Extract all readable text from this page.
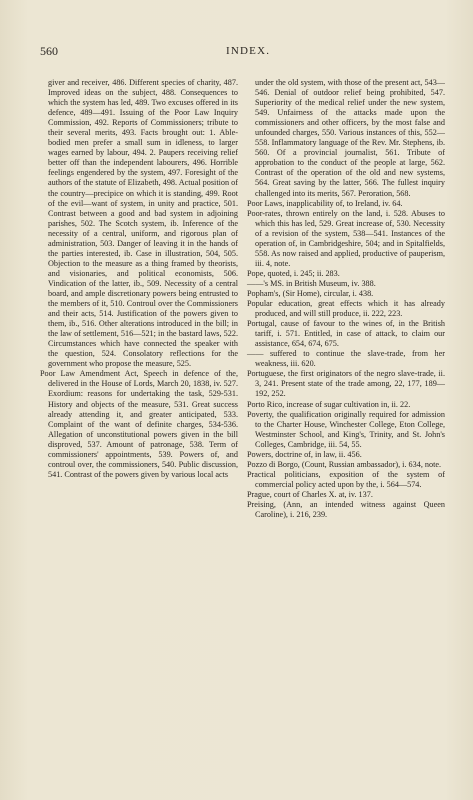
560	INDEX.

giver and receiver, 486. Different species of charity, 487. Improved ideas on the subject, 488. Consequences to which the system has led, 489. Two excuses offered in its defence, 489—491. Issuing of the Poor Law Inquiry Commission, 492. Reports of Commissioners; tribute to their several merits, 493. Facts brought out: 1. Able-bodied men prefer a small sum in idleness, to larger wages earned by labour, 494. 2. Paupers receiving relief better off than the independent labourers, 496. Horrible feelings engendered by the system, 497. Foresight of the authors of the statute of Elizabeth, 498. Actual position of the country—precipice on which it is standing, 499. Root of the evil—want of system, in unity and practice, 501. Contrast between a good and bad system in adjoining parishes, 502. The Scotch system, ib. Inference of the necessity of a central, uniform, and rigorous plan of administration, 503. Danger of leaving it in the hands of the parties interested, ib. Case in illustration, 504, 505. Objection to the measure as a thing framed by theorists, and visionaries, and political economists, 506. Vindication of the latter, ib., 509. Necessity of a central board, and ample discretionary powers being entrusted to the members of it, 510. Controul over the Commissioners and their acts, 514. Justification of the powers given to them, ib., 516. Other alterations introduced in the bill; in the law of settlement, 516—521; in the bastard laws, 522. Circumstances which have connected the speaker with the question, 524. Consolatory reflections for the government who propose the measure, 525.

Poor Law Amendment Act, Speech in defence of the, delivered in the House of Lords, March 20, 1838, iv. 527. Exordium: reasons for undertaking the task, 529-531. History and objects of the measure, 531. Great success already attending it, and greater anticipated, 533. Complaint of the want of definite charges, 534-536. Allegation of unconstitutional powers given in the bill disproved, 537. Amount of patronage, 538. Term of commissioners' appointments, 539. Powers of, and controul over, the commissioners, 540. Public discussion, 541. Contrast of the powers given by various local acts

under the old system, with those of the present act, 543—546. Denial of outdoor relief being prohibited, 547. Superiority of the medical relief under the new system, 549. Unfairness of the attacks made upon the commissioners and other officers, by the most false and unfounded charges, 550. Various instances of this, 552—558. Inflammatory language of the Rev. Mr. Stephens, ib. 560. Of a provincial journalist, 561. Tribute of approbation to the conduct of the people at large, 562. Contrast of the operation of the old and new systems, 564. Great saving by the latter, 566. The fullest inquiry challenged into its merits, 567. Peroration, 568.

Poor Laws, inapplicability of, to Ireland, iv. 64.

Poor-rates, thrown entirely on the land, i. 528. Abuses to which this has led, 529. Great increase of, 530. Necessity of a revision of the system, 538—541. Instances of the operation of, in Cambridgeshire, 504; and in Spitalfields, 558. As now raised and applied, productive of pauperism, iii. 4, note.

Pope, quoted, i. 245; ii. 283.

——'s MS. in British Museum, iv. 388.

Popham's, (Sir Home), circular, i. 438.

Popular education, great effects which it has already produced, and will still produce, ii. 222, 223.

Portugal, cause of favour to the wines of, in the British tariff, i. 571. Entitled, in case of attack, to claim our assistance, 654, 674, 675.

—— suffered to continue the slave-trade, from her weakness, iii. 620.

Portuguese, the first originators of the negro slave-trade, ii. 3, 241. Present state of the trade among, 22, 177, 189—192, 252.

Porto Rico, increase of sugar cultivation in, ii. 22.

Poverty, the qualification originally required for admission to the Charter House, Winchester College, Eton College, Westminster School, and King's, Trinity, and St. John's Colleges, Cambridge, iii. 54, 55.

Powers, doctrine of, in law, ii. 456.

Pozzo di Borgo, (Count, Russian ambassador), i. 634, note.

Practical politicians, exposition of the system of commercial policy acted upon by the, i. 564—574.

Prague, court of Charles X. at, iv. 137.

Preising, (Ann, an intended witness against Queen Caroline), i. 216, 239.
